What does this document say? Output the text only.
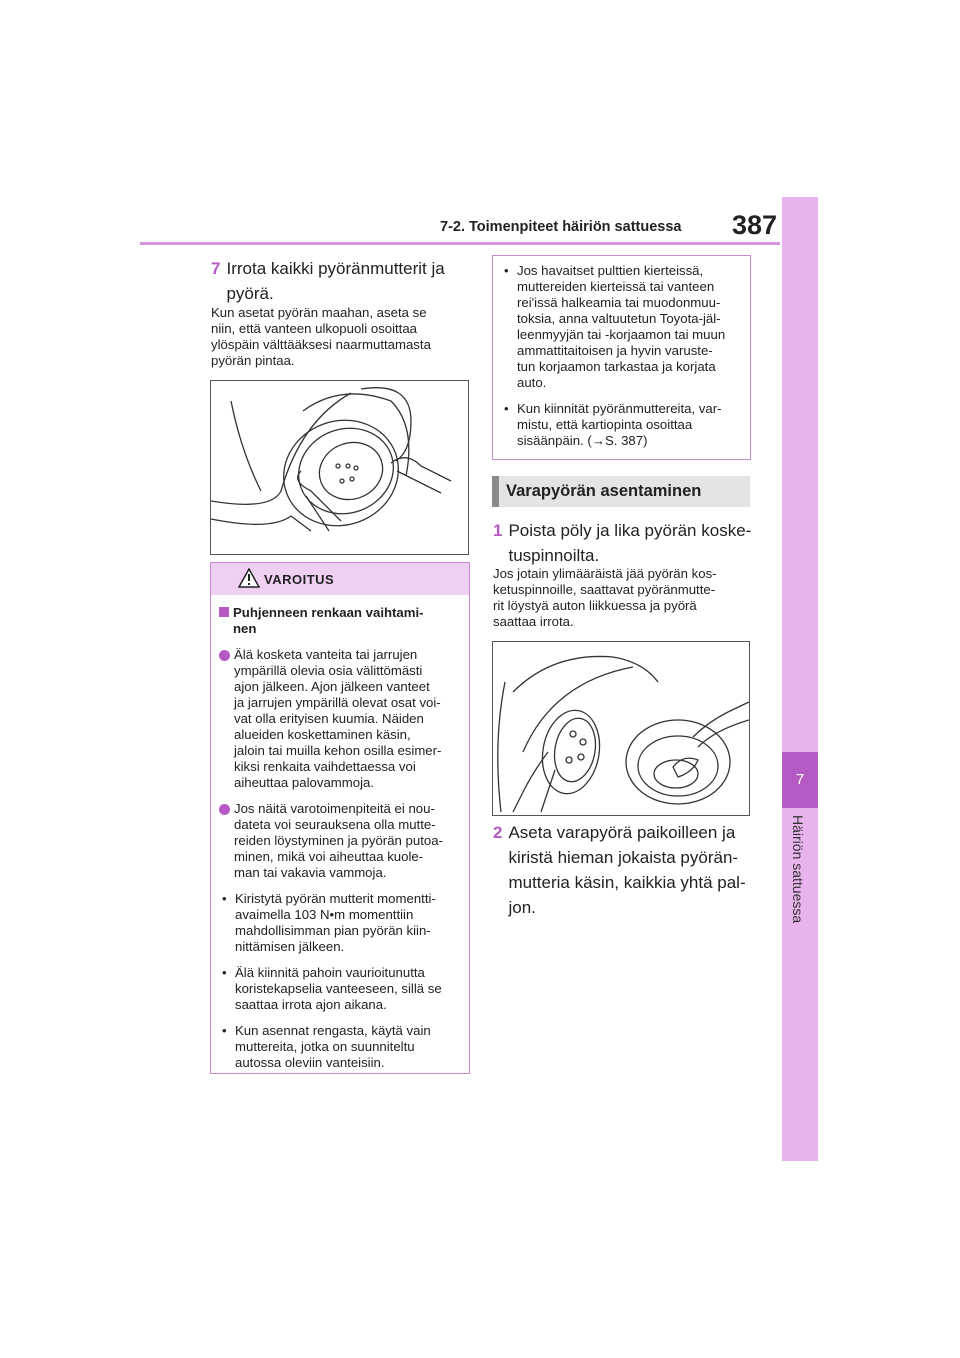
7-2. Toimenpiteet häiriön sattuessa 387
7
Häiriön sattuessa
7 Irrota kaikki pyöränmutterit ja
pyörä.
Kun asetat pyörän maahan, aseta se
niin, että vanteen ulkopuoli osoittaa
ylöspäin välttääksesi naarmuttamasta
pyörän pintaa.
VAROITUS
Puhjenneen renkaan vaihtami-
nen
Älä kosketa vanteita tai jarrujen
ympärillä olevia osia välittömästi
ajon jälkeen. Ajon jälkeen vanteet
ja jarrujen ympärillä olevat osat voi-
vat olla erityisen kuumia. Näiden
alueiden koskettaminen käsin,
jaloin tai muilla kehon osilla esimer-
kiksi renkaita vaihdettaessa voi
aiheuttaa palovammoja.
Jos näitä varotoimenpiteitä ei nou-
dateta voi seurauksena olla mutte-
reiden löystyminen ja pyörän putoa-
minen, mikä voi aiheuttaa kuole-
man tai vakavia vammoja.
• Kiristytä pyörän mutterit momentti-
avaimella 103 N•m momenttiin
mahdollisimman pian pyörän kiin-
nittämisen jälkeen.
• Älä kiinnitä pahoin vaurioitunutta
koristekapselia vanteeseen, sillä se
saattaa irrota ajon aikana.
• Kun asennat rengasta, käytä vain
muttereita, jotka on suunniteltu
autossa oleviin vanteisiin.
• Jos havaitset pulttien kierteissä,
muttereiden kierteissä tai vanteen
rei'issä halkeamia tai muodonmuu-
toksia, anna valtuutetun Toyota-jäl-
leenmyyjän tai -korjaamon tai muun
ammattitaitoisen ja hyvin varuste-
tun korjaamon tarkastaa ja korjata
auto.
• Kun kiinnität pyöränmuttereita, var-
mistu, että kartiopinta osoittaa
sisäänpäin. (→S. 387)
Varapyörän asentaminen
1 Poista pöly ja lika pyörän koske-
tuspinnoilta.
Jos jotain ylimääräistä jää pyörän kos-
ketuspinnoille, saattavat pyöränmutte-
rit löystyä auton liikkuessa ja pyörä
saattaa irrota.
2 Aseta varapyörä paikoilleen ja
kiristä hieman jokaista pyörän-
mutteria käsin, kaikkia yhtä pal-
jon.
